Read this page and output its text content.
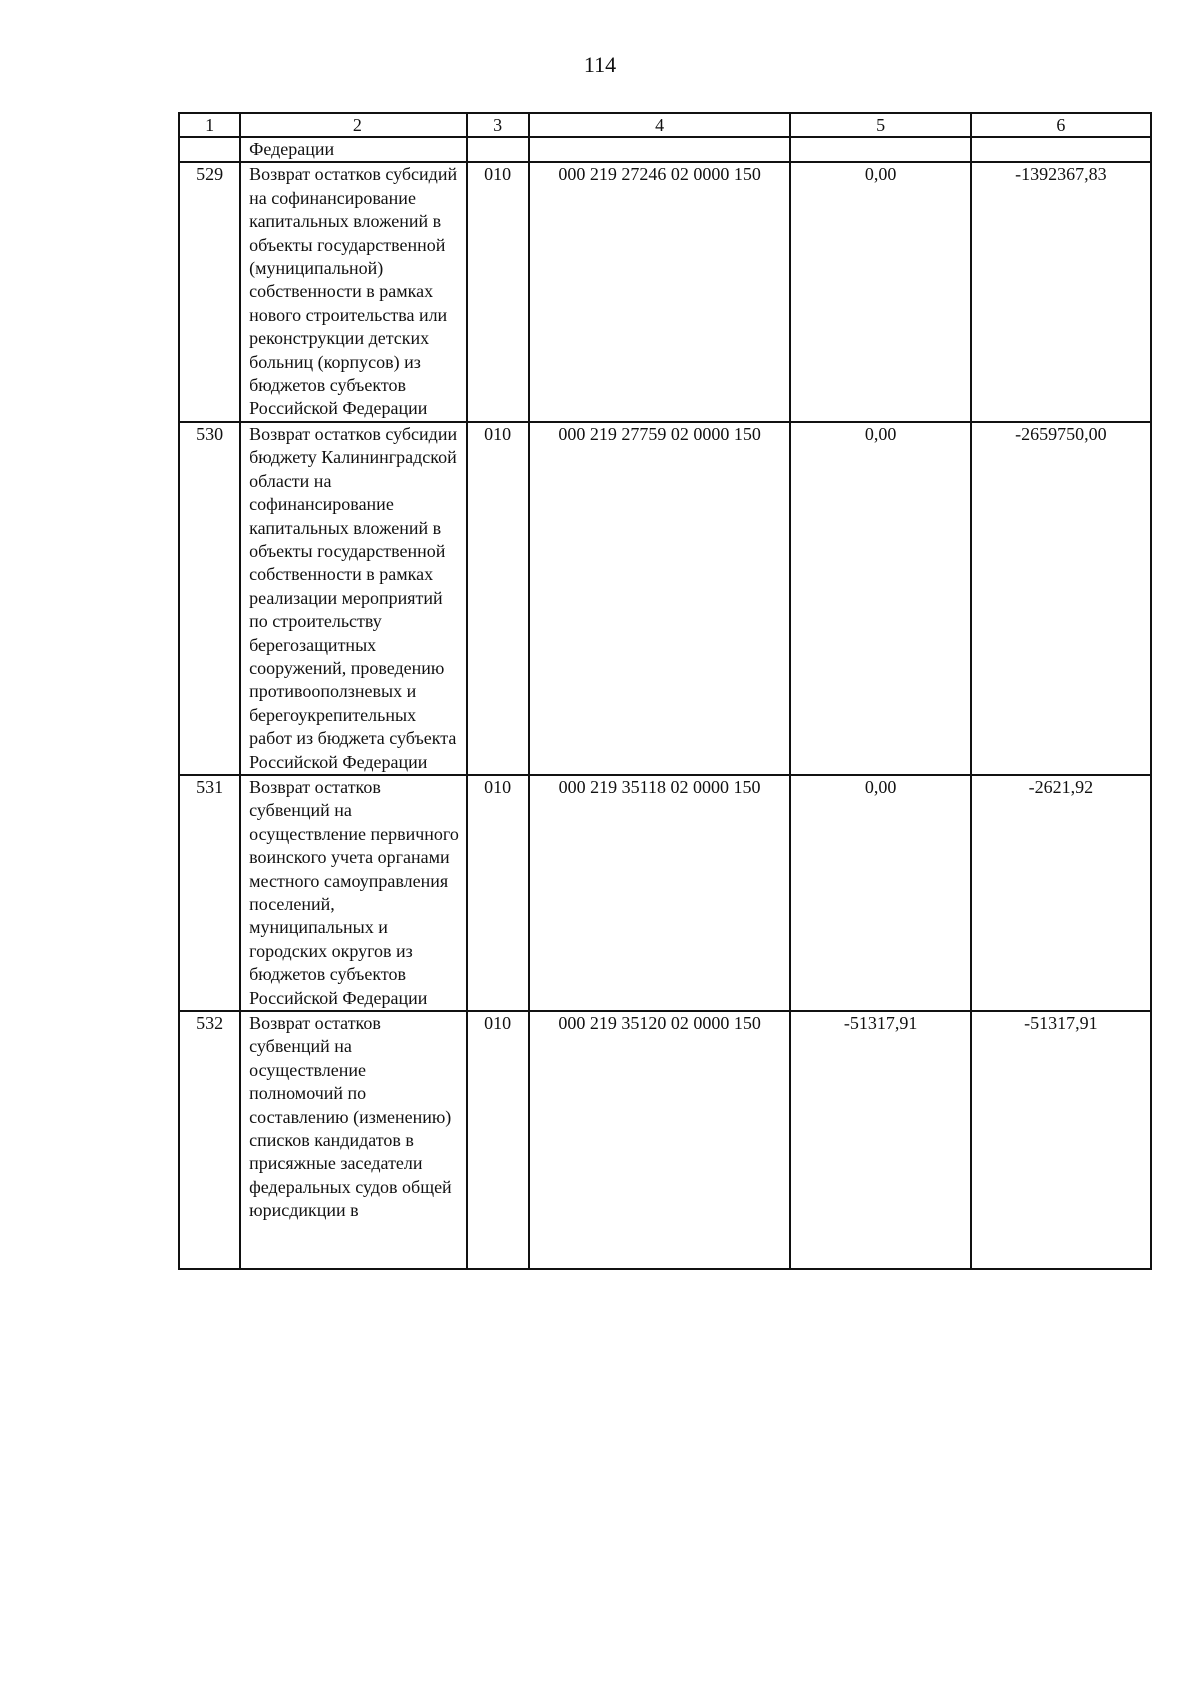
114
1	2	3	4	5	6
	Федерации				
529	Возврат остатков субсидий на софинансирование капитальных вложений в объекты государственной (муниципальной) собственности в рамках нового строительства или реконструкции детских больниц (корпусов) из бюджетов субъектов Российской Федерации	010	000 219 27246 02 0000 150	0,00	-1392367,83
530	Возврат остатков субсидии бюджету Калининградской области на софинансирование капитальных вложений в объекты государственной собственности в рамках реализации мероприятий по строительству берегозащитных сооружений, проведению противооползневых и берегоукрепительных работ из бюджета субъекта Российской Федерации	010	000 219 27759 02 0000 150	0,00	-2659750,00
531	Возврат остатков субвенций на осуществление первичного воинского учета органами местного самоуправления поселений, муниципальных и городских округов из бюджетов субъектов Российской Федерации	010	000 219 35118 02 0000 150	0,00	-2621,92
532	Возврат остатков субвенций на осуществление полномочий по составлению (изменению) списков кандидатов в присяжные заседатели федеральных судов общей юрисдикции в	010	000 219 35120 02 0000 150	-51317,91	-51317,91
